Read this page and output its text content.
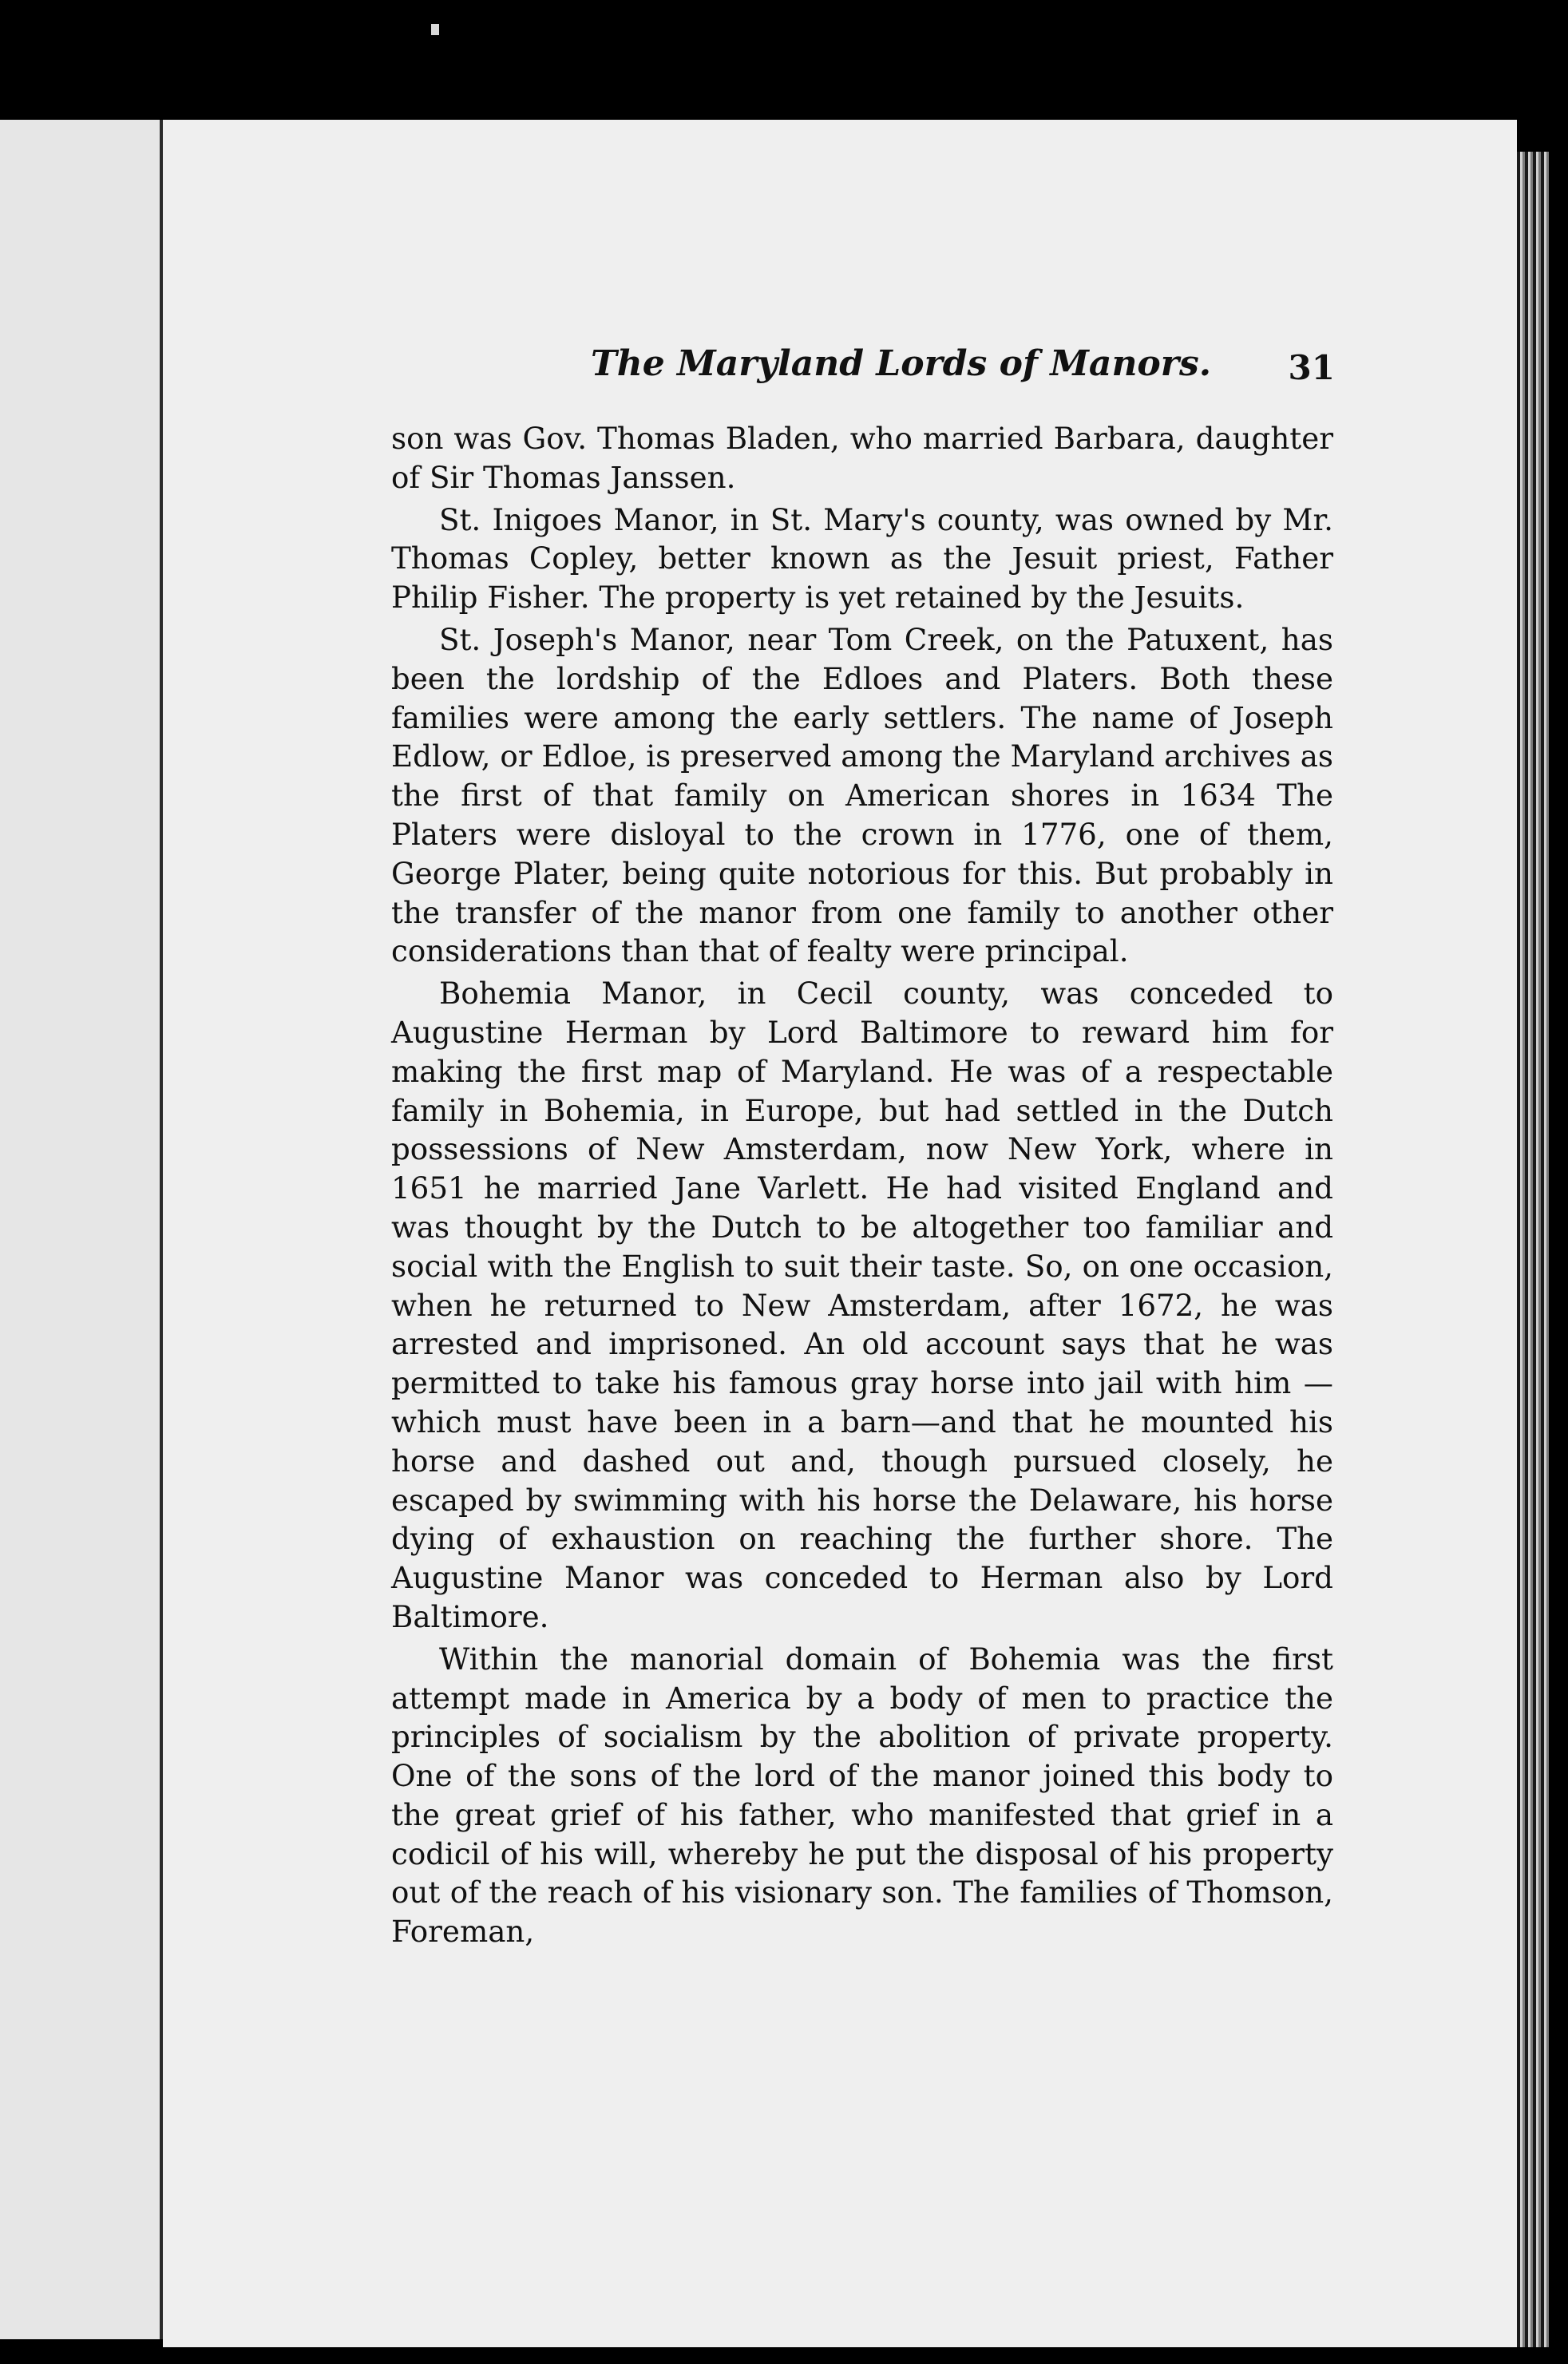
The Maryland Lords of Manors. 31

son was Gov. Thomas Bladen, who married Barbara, daughter of Sir Thomas Janssen.

St. Inigoes Manor, in St. Mary's county, was owned by Mr. Thomas Copley, better known as the Jesuit priest, Father Philip Fisher. The property is yet retained by the Jesuits.

St. Joseph's Manor, near Tom Creek, on the Patuxent, has been the lordship of the Edloes and Platers. Both these families were among the early settlers. The name of Joseph Edlow, or Edloe, is preserved among the Maryland archives as the first of that family on American shores in 1634 The Platers were disloyal to the crown in 1776, one of them, George Plater, being quite notorious for this. But probably in the transfer of the manor from one family to another other considerations than that of fealty were principal.

Bohemia Manor, in Cecil county, was conceded to Augustine Herman by Lord Baltimore to reward him for making the first map of Maryland. He was of a respectable family in Bohemia, in Europe, but had settled in the Dutch possessions of New Amsterdam, now New York, where in 1651 he married Jane Varlett. He had visited England and was thought by the Dutch to be altogether too familiar and social with the English to suit their taste. So, on one occasion, when he returned to New Amsterdam, after 1672, he was arrested and imprisoned. An old account says that he was permitted to take his famous gray horse into jail with him —which must have been in a barn—and that he mounted his horse and dashed out and, though pursued closely, he escaped by swimming with his horse the Delaware, his horse dying of exhaustion on reaching the further shore. The Augustine Manor was conceded to Herman also by Lord Baltimore.

Within the manorial domain of Bohemia was the first attempt made in America by a body of men to practice the principles of socialism by the abolition of private property. One of the sons of the lord of the manor joined this body to the great grief of his father, who manifested that grief in a codicil of his will, whereby he put the disposal of his property out of the reach of his visionary son. The families of Thomson, Foreman,
